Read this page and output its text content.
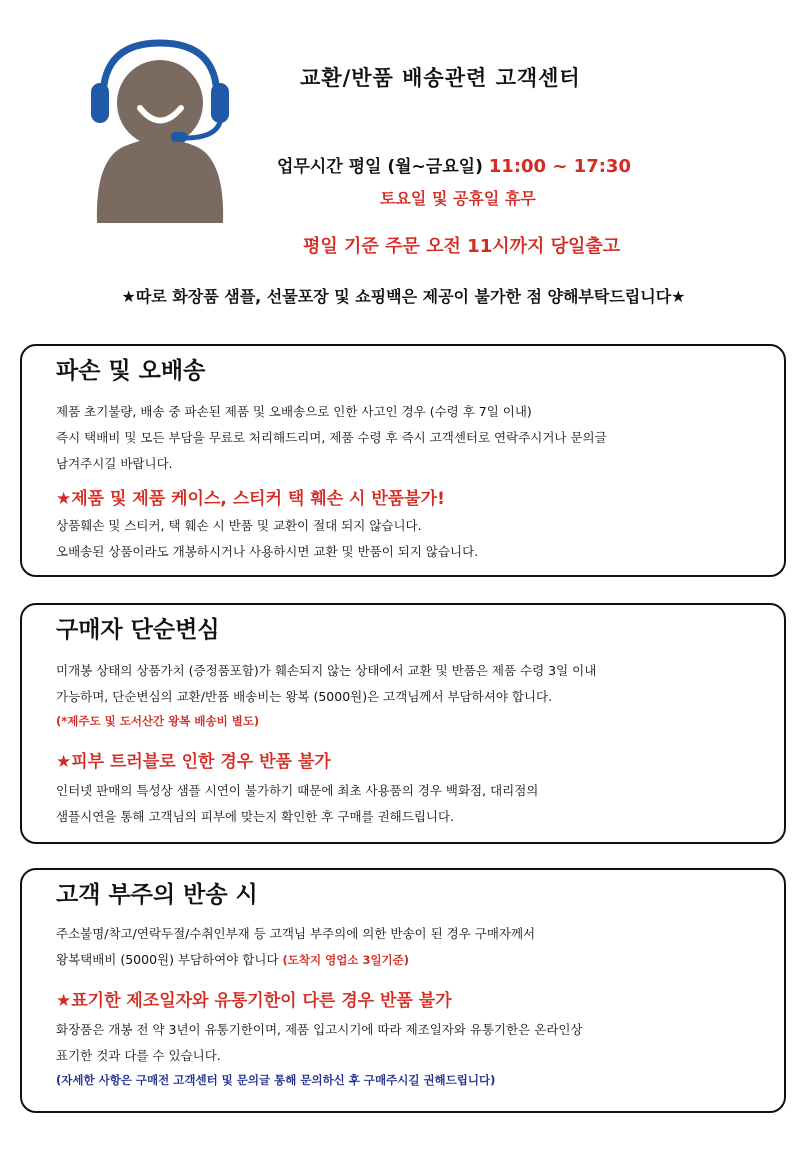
교환/반품 배송관련 고객센터
업무시간 평일 (월~금요일) 11:00 ~ 17:30
토요일 및 공휴일 휴무
평일 기준 주문 오전 11시까지 당일출고
★따로 화장품 샘플, 선물포장 및 쇼핑백은 제공이 불가한 점 양해부탁드립니다★
파손 및 오배송
제품 초기불량, 배송 중 파손된 제품 및 오배송으로 인한 사고인 경우 (수령 후 7일 이내)
즉시 택배비 및 모든 부담을 무료로 처리해드리며, 제품 수령 후 즉시 고객센터로 연락주시거나 문의글
남겨주시길 바랍니다.
★제품 및 제품 케이스, 스티커 택 훼손 시 반품불가!
상품훼손 및 스티커, 택 훼손 시 반품 및 교환이 절대 되지 않습니다.
오배송된 상품이라도 개봉하시거나 사용하시면 교환 및 반품이 되지 않습니다.
구매자 단순변심
미개봉 상태의 상품가치 (증정품포함)가 훼손되지 않는 상태에서 교환 및 반품은 제품 수령 3일 이내
가능하며, 단순변심의 교환/반품 배송비는 왕복 (5000원)은 고객님께서 부담하셔야 합니다.
(*제주도 및 도서산간 왕복 배송비 별도)
★피부 트러블로 인한 경우 반품 불가
인터넷 판매의 특성상 샘플 시연이 불가하기 때문에 최초 사용품의 경우 백화점, 대리점의
샘플시연을 통해 고객님의 피부에 맞는지 확인한 후 구매를 권해드립니다.
고객 부주의 반송 시
주소불명/착고/연락두절/수취인부재 등 고객님 부주의에 의한 반송이 된 경우 구매자께서
왕복택배비 (5000원) 부담하여야 합니다 (도착지 영업소 3일기준)
★표기한 제조일자와 유통기한이 다른 경우 반품 불가
화장품은 개봉 전 약 3년이 유통기한이며, 제품 입고시기에 따라 제조일자와 유통기한은 온라인상
표기한 것과 다를 수 있습니다.
(자세한 사항은 구매전 고객센터 및 문의글 통해 문의하신 후 구매주시길 권해드립니다)
